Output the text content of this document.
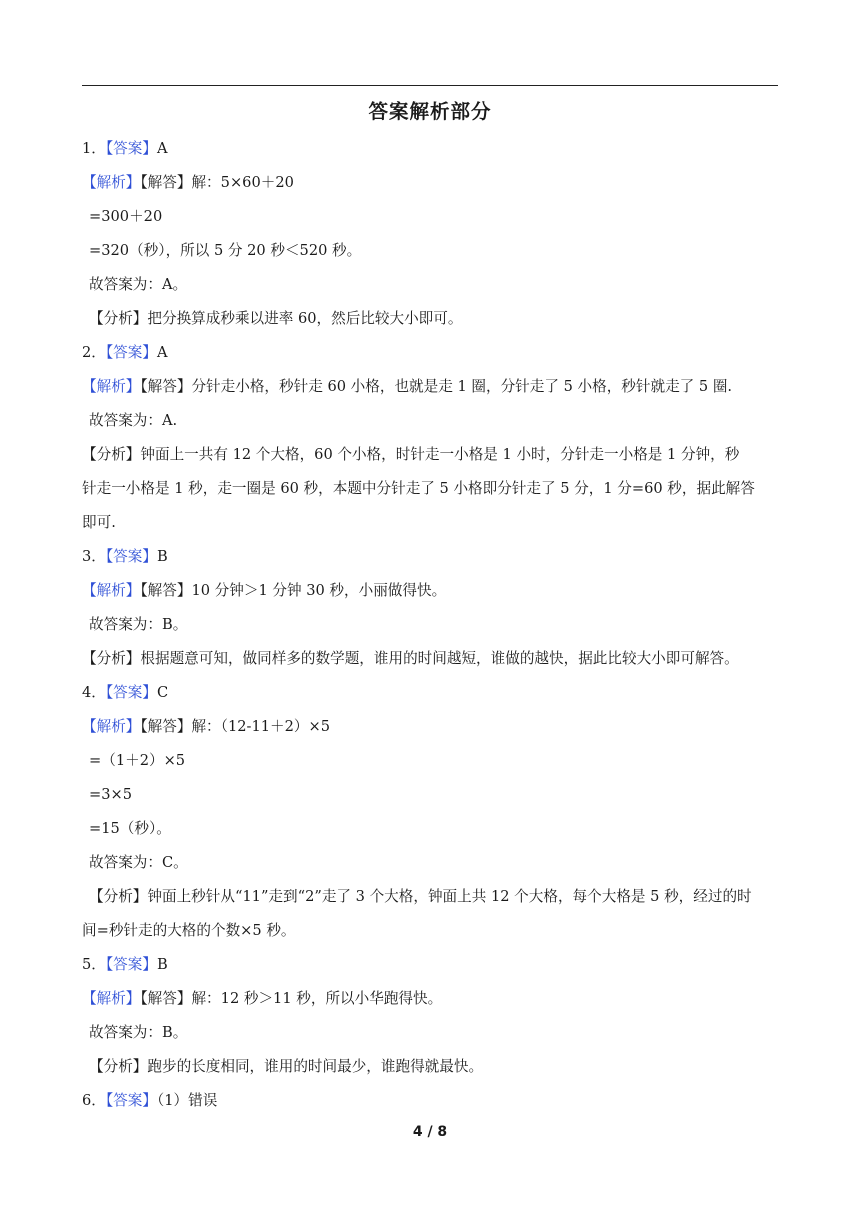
答案解析部分
1．【答案】A
【解析】【解答】解：5×60＋20
=300＋20
=320（秒），所以 5 分 20 秒＜520 秒。
故答案为：A。
【分析】把分换算成秒乘以进率 60，然后比较大小即可。
2．【答案】A
【解析】【解答】分针走小格，秒针走 60 小格，也就是走 1 圈，分针走了 5 小格，秒针就走了 5 圈.
故答案为：A.
【分析】钟面上一共有 12 个大格，60 个小格，时针走一小格是 1 小时，分针走一小格是 1 分钟，秒
针走一小格是 1 秒，走一圈是 60 秒，本题中分针走了 5 小格即分针走了 5 分，1 分=60 秒，据此解答
即可.
3．【答案】B
【解析】【解答】10 分钟＞1 分钟 30 秒，小丽做得快。
故答案为：B。
【分析】根据题意可知，做同样多的数学题，谁用的时间越短，谁做的越快，据此比较大小即可解答。
4．【答案】C
【解析】【解答】解：（12-11＋2）×5
=（1＋2）×5
=3×5
=15（秒）。
故答案为：C。
【分析】钟面上秒针从“11”走到“2”走了 3 个大格，钟面上共 12 个大格，每个大格是 5 秒，经过的时
间=秒针走的大格的个数×5 秒。
5．【答案】B
【解析】【解答】解：12 秒＞11 秒，所以小华跑得快。
故答案为：B。
【分析】跑步的长度相同，谁用的时间最少，谁跑得就最快。
6．【答案】（1）错误
4 / 8
